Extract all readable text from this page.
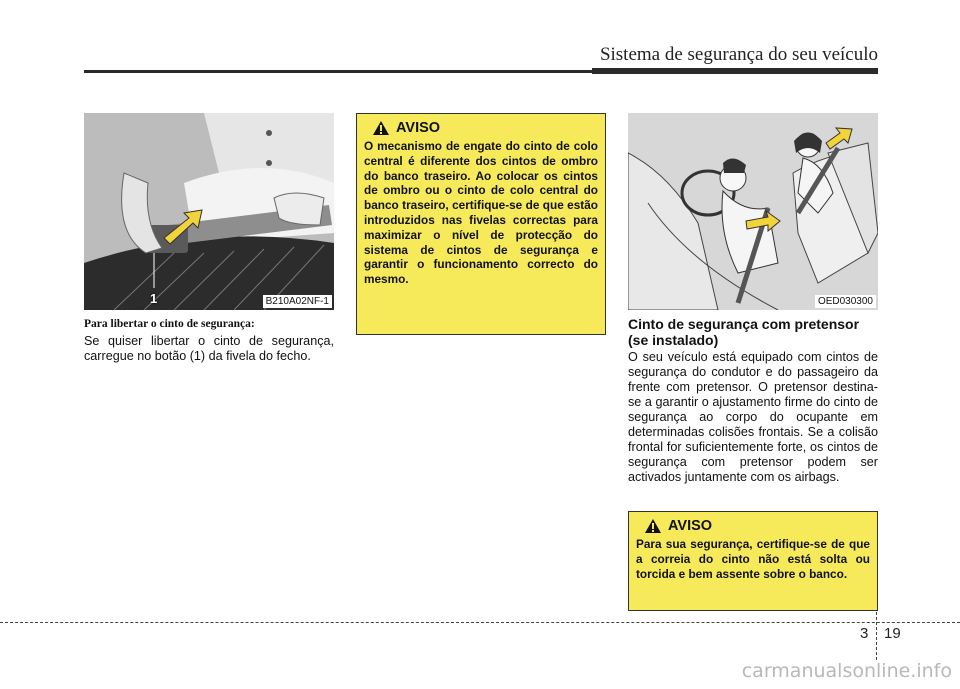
Sistema de segurança do seu veículo
1	B210A02NF-1
Para libertar o cinto de segurança:
Se quiser libertar o cinto de segurança, carregue no botão (1) da fivela do fecho.
AVISO
O mecanismo de engate do cinto de colo central é diferente dos cintos de ombro do banco traseiro. Ao colocar os cintos de ombro ou o cinto de colo central do banco traseiro, certifique-se de que estão introduzidos nas fivelas correctas para maximizar o nível de protecção do sistema de cintos de segurança e garantir o funcionamento correcto do mesmo.
OED030300
Cinto de segurança com pretensor (se instalado)
O seu veículo está equipado com cintos de segurança do condutor e do passageiro da frente com pretensor. O pretensor destina-se a garantir o ajustamento firme do cinto de segurança ao corpo do ocupante em determinadas colisões frontais. Se a colisão frontal for suficientemente forte, os cintos de segurança com pretensor podem ser activados juntamente com os airbags.
AVISO
Para sua segurança, certifique-se de que a correia do cinto não está solta ou torcida e bem assente sobre o banco.
3 19
carmanualsonline.info
